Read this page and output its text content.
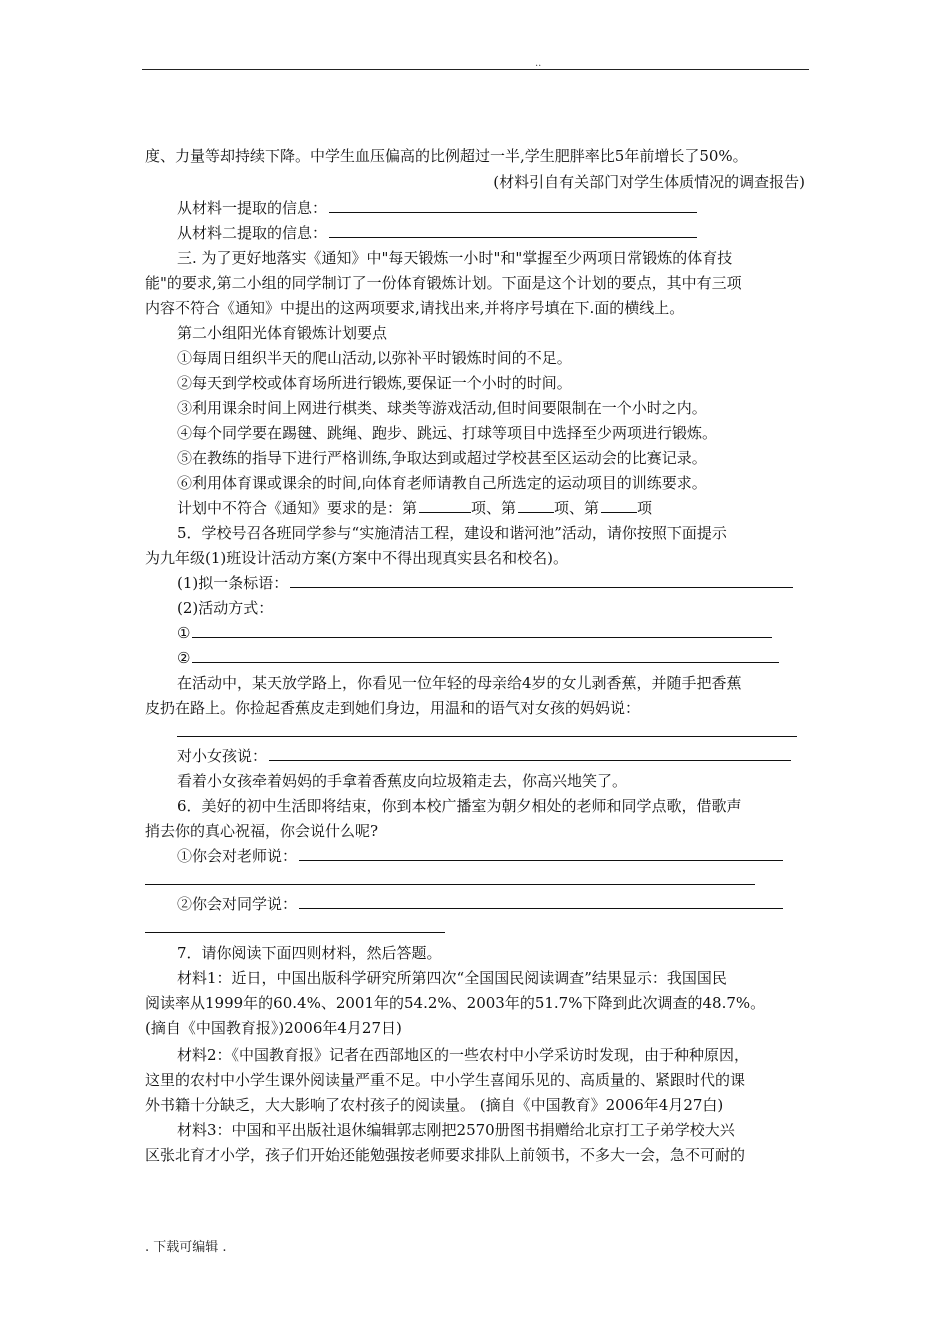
..
度、力量等却持续下降。中学生血压偏高的比例超过一半,学生肥胖率比5年前增长了50%。
(材料引自有关部门对学生体质情况的调查报告)
从材料一提取的信息：
从材料二提取的信息：
三. 为了更好地落实《通知》中"每天锻炼一小时"和"掌握至少两项日常锻炼的体育技
能"的要求,第二小组的同学制订了一份体育锻炼计划。下面是这个计划的要点，其中有三项
内容不符合《通知》中提出的这两项要求,请找出来,并将序号填在下.面的横线上。
第二小组阳光体育锻炼计划要点
①每周日组织半天的爬山活动,以弥补平时锻炼时间的不足。
②每天到学校或体育场所进行锻炼,要保证一个小时的时间。
③利用课余时间上网进行棋类、球类等游戏活动,但时间要限制在一个小时之内。
④每个同学要在踢毽、跳绳、跑步、跳远、打球等项目中选择至少两项进行锻炼。
⑤在教练的指导下进行严格训练,争取达到或超过学校甚至区运动会的比赛记录。
⑥利用体育课或课余的时间,向体育老师请教自己所选定的运动项目的训练要求。
计划中不符合《通知》要求的是：第	项、第	项、第	项
5．学校号召各班同学参与“实施清洁工程，建设和谐河池”活动，请你按照下面提示
为九年级(1)班设计活动方案(方案中不得出现真实县名和校名)。
(1)拟一条标语：
(2)活动方式：
①
②
在活动中，某天放学路上，你看见一位年轻的母亲给4岁的女儿剥香蕉，并随手把香蕉
皮扔在路上。你捡起香蕉皮走到她们身边，用温和的语气对女孩的妈妈说：
对小女孩说：
看着小女孩牵着妈妈的手拿着香蕉皮向垃圾箱走去，你高兴地笑了。
6．美好的初中生活即将结束，你到本校广播室为朝夕相处的老师和同学点歌，借歌声
捎去你的真心祝福，你会说什么呢?
①你会对老师说：
②你会对同学说：
7．请你阅读下面四则材料，然后答题。
材料1：近日，中国出版科学研究所第四次“全国国民阅读调查”结果显示：我国国民
阅读率从1999年的60.4%、2001年的54.2%、2003年的51.7%下降到此次调查的48.7%。
(摘自《中国教育报》)2006年4月27日)
材料2：《中国教育报》记者在西部地区的一些农村中小学采访时发现，由于种种原因，
这里的农村中小学生课外阅读量严重不足。中小学生喜闻乐见的、高质量的、紧跟时代的课
外书籍十分缺乏，大大影响了农村孩子的阅读量。 (摘自《中国教育》2006年4月27白)
材料3：中国和平出版社退休编辑郭志刚把2570册图书捐赠给北京打工子弟学校大兴
区张北育才小学，孩子们开始还能勉强按老师要求排队上前领书，不多大一会，急不可耐的
. 下载可编辑 .
